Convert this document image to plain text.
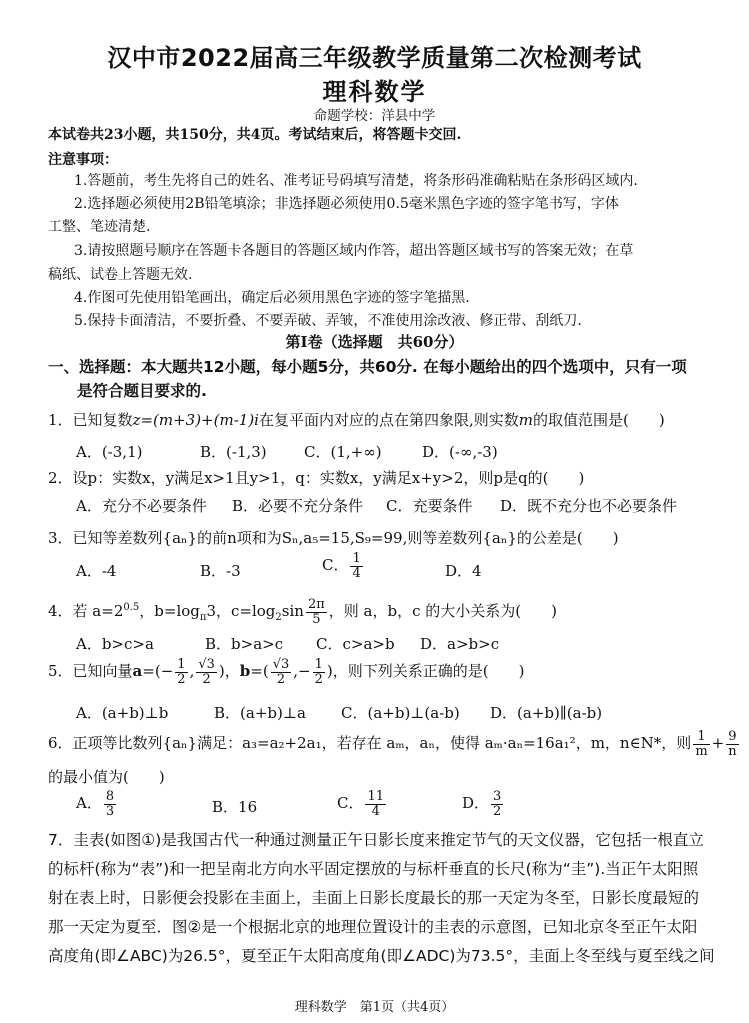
汉中市2022届高三年级教学质量第二次检测考试
理科数学
命题学校：洋县中学
本试卷共23小题，共150分，共4页。考试结束后，将答题卡交回.
注意事项：
1.答题前，考生先将自己的姓名、准考证号码填写清楚，将条形码准确粘贴在条形码区域内.
2.选择题必须使用2B铅笔填涂；非选择题必须使用0.5毫米黑色字迹的签字笔书写，字体
工整、笔迹清楚.
3.请按照题号顺序在答题卡各题目的答题区域内作答，超出答题区域书写的答案无效；在草
稿纸、试卷上答题无效.
4.作图可先使用铅笔画出，确定后必须用黑色字迹的签字笔描黑.
5.保持卡面清洁，不要折叠、不要弄破、弄皱，不准使用涂改液、修正带、刮纸刀.
第Ⅰ卷（选择题　共60分）
一、选择题：本大题共12小题，每小题5分，共60分. 在每小题给出的四个选项中，只有一项
是符合题目要求的.
1．已知复数z=(m+3)+(m-1)i在复平面内对应的点在第四象限,则实数m的取值范围是(　　)
A．(-3,1)	B．(-1,3) C．(1,+∞)	D．(-∞,-3)
2．设p：实数x，y满足x>1且y>1，q：实数x，y满足x+y>2，则p是q的(　　)
A．充分不必要条件 B．必要不充分条件 C．充要条件 D．既不充分也不必要条件
3．已知等差数列{aₙ}的前n项和为Sₙ,a₅=15,S₉=99,则等差数列{aₙ}的公差是(　　)
A．-4	B．-3	C． $\frac{1}{4}$	D．4
4．若 $a=2^{0.5}$，$b=\log_\pi 3$，$c=\log_2\sin \frac{2\pi}{5}$ ，则 a，b，c 的大小关系为(　　)
A．b>c>a	B．b>a>c C．c>a>b D．a>b>c
5．已知向量$a=(- \frac{1}{2}$ , $\frac{√3}{2}$ )，$b=( \frac{√3}{2}$ ,− $\frac{1}{2}$ )，则下列关系正确的是(　　)
A．(a+b)⊥b	B．(a+b)⊥a C．(a+b)⊥(a-b) D．(a+b)∥(a-b)
6．正项等比数列{aₙ}满足：a₃=a₂+2a₁，若存在 aₘ，aₙ，使得 aₘ·aₙ=16a₁²，m，n∈N*，则 $\frac{1}{m} + \frac{9}{n}$
的最小值为(　　)
A． $\frac{8}{3}$	B．16	C． $\frac{11}{4}$	D． $\frac{3}{2}$
7．圭表(如图①)是我国古代一种通过测量正午日影长度来推定节气的天文仪器，它包括一根直立
的标杆(称为“表”)和一把呈南北方向水平固定摆放的与标杆垂直的长尺(称为“圭”).当正午太阳照
射在表上时，日影便会投影在圭面上，圭面上日影长度最长的那一天定为冬至，日影长度最短的
那一天定为夏至．图②是一个根据北京的地理位置设计的圭表的示意图，已知北京冬至正午太阳
高度角(即∠ABC)为26.5°，夏至正午太阳高度角(即∠ADC)为73.5°，圭面上冬至线与夏至线之间
理科数学　第1页（共4页）
